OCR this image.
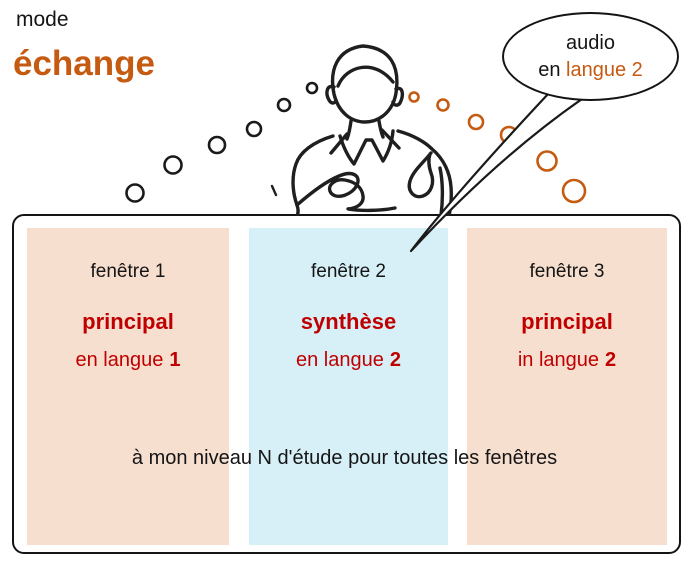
mode
échange
fenêtre 1
principal
en langue 1
fenêtre 2
synthèse
en langue 2
fenêtre 3
principal
in langue 2
à mon niveau N d'étude pour toutes les fenêtres
audio
en langue 2
